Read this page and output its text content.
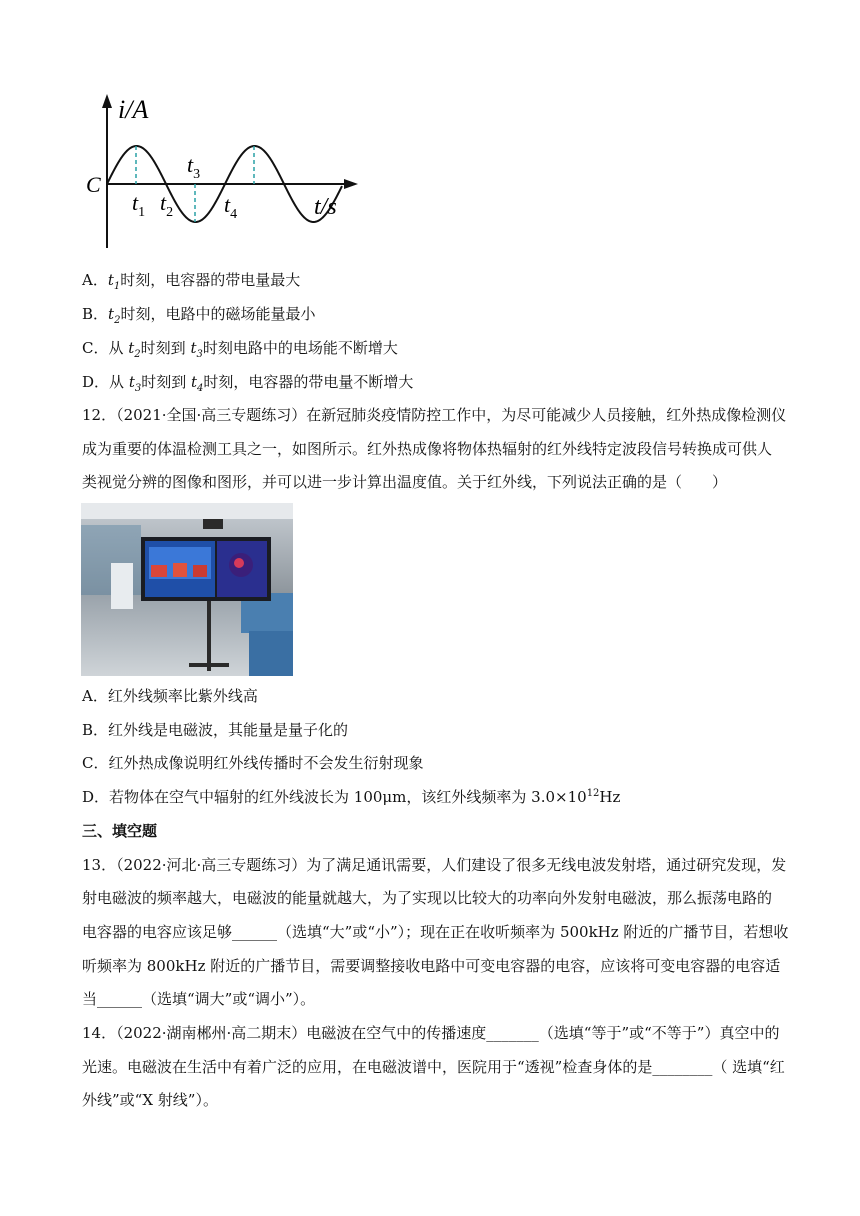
i/A
C
t/s
$t_1$ $t_2$
$t_3$
$t_4$
A．$t_1$时刻，电容器的带电量最大
B．$t_2$时刻，电路中的磁场能量最小
C．从 $t_2$时刻到 $t_3$时刻电路中的电场能不断增大
D．从 $t_3$时刻到 $t_4$时刻，电容器的带电量不断增大
12．（2021·全国·高三专题练习）在新冠肺炎疫情防控工作中，为尽可能减少人员接触，红外热成像检测仪
成为重要的体温检测工具之一，如图所示。红外热成像将物体热辐射的红外线特定波段信号转换成可供人
类视觉分辨的图像和图形，并可以进一步计算出温度值。关于红外线，下列说法正确的是（　　）
A．红外线频率比紫外线高
B．红外线是电磁波，其能量是量子化的
C．红外热成像说明红外线传播时不会发生衍射现象
D．若物体在空气中辐射的红外线波长为 100μm，该红外线频率为 $3.0\times 10^{12}Hz$
三、填空题
13．（2022·河北·高三专题练习）为了满足通讯需要，人们建设了很多无线电波发射塔，通过研究发现，发
射电磁波的频率越大，电磁波的能量就越大，为了实现以比较大的功率向外发射电磁波，那么振荡电路的
电容器的电容应该足够______（选填“大”或“小”）；现在正在收听频率为 500kHz 附近的广播节目，若想收
听频率为 800kHz 附近的广播节目，需要调整接收电路中可变电容器的电容，应该将可变电容器的电容适
当______（选填“调大”或“调小”）。
14．（2022·湖南郴州·高二期末）电磁波在空气中的传播速度_______（选填“等于”或“不等于”）真空中的
光速。电磁波在生活中有着广泛的应用，在电磁波谱中，医院用于“透视”检查身体的是________（ 选填“红
外线”或“X 射线”）。
